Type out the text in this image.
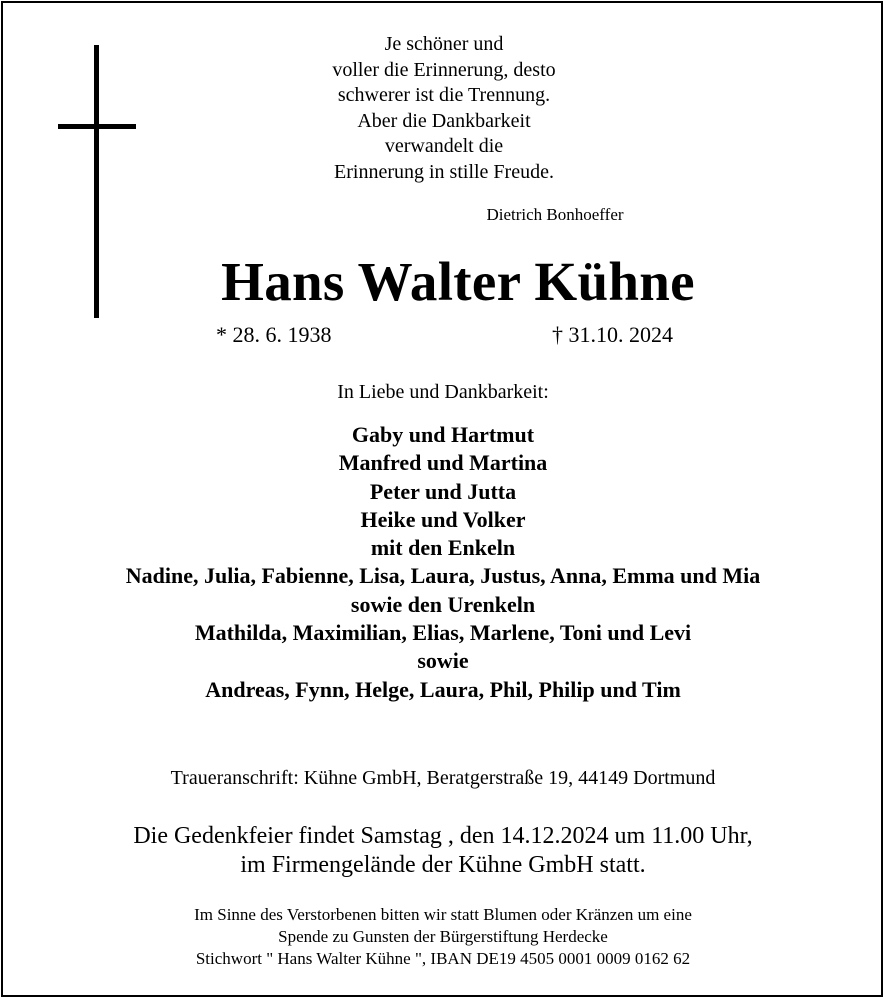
Je schöner und
voller die Erinnerung, desto
schwerer ist die Trennung.
Aber die Dankbarkeit
verwandelt die
Erinnerung in stille Freude.
Dietrich Bonhoeffer
Hans Walter Kühne
* 28. 6. 1938	† 31.10. 2024
In Liebe und Dankbarkeit:
Gaby und Hartmut
Manfred und Martina
Peter und Jutta
Heike und Volker
mit den Enkeln
Nadine, Julia, Fabienne, Lisa, Laura, Justus, Anna, Emma und Mia
sowie den Urenkeln
Mathilda, Maximilian, Elias, Marlene, Toni und Levi
sowie
Andreas, Fynn, Helge, Laura, Phil, Philip und Tim
Traueranschrift: Kühne GmbH, Beratgerstraße 19, 44149 Dortmund
Die Gedenkfeier findet Samstag , den 14.12.2024 um 11.00 Uhr,
im Firmengelände der Kühne GmbH statt.
Im Sinne des Verstorbenen bitten wir statt Blumen oder Kränzen um eine
Spende zu Gunsten der Bürgerstiftung Herdecke
Stichwort " Hans Walter Kühne ", IBAN DE19 4505 0001 0009 0162 62
